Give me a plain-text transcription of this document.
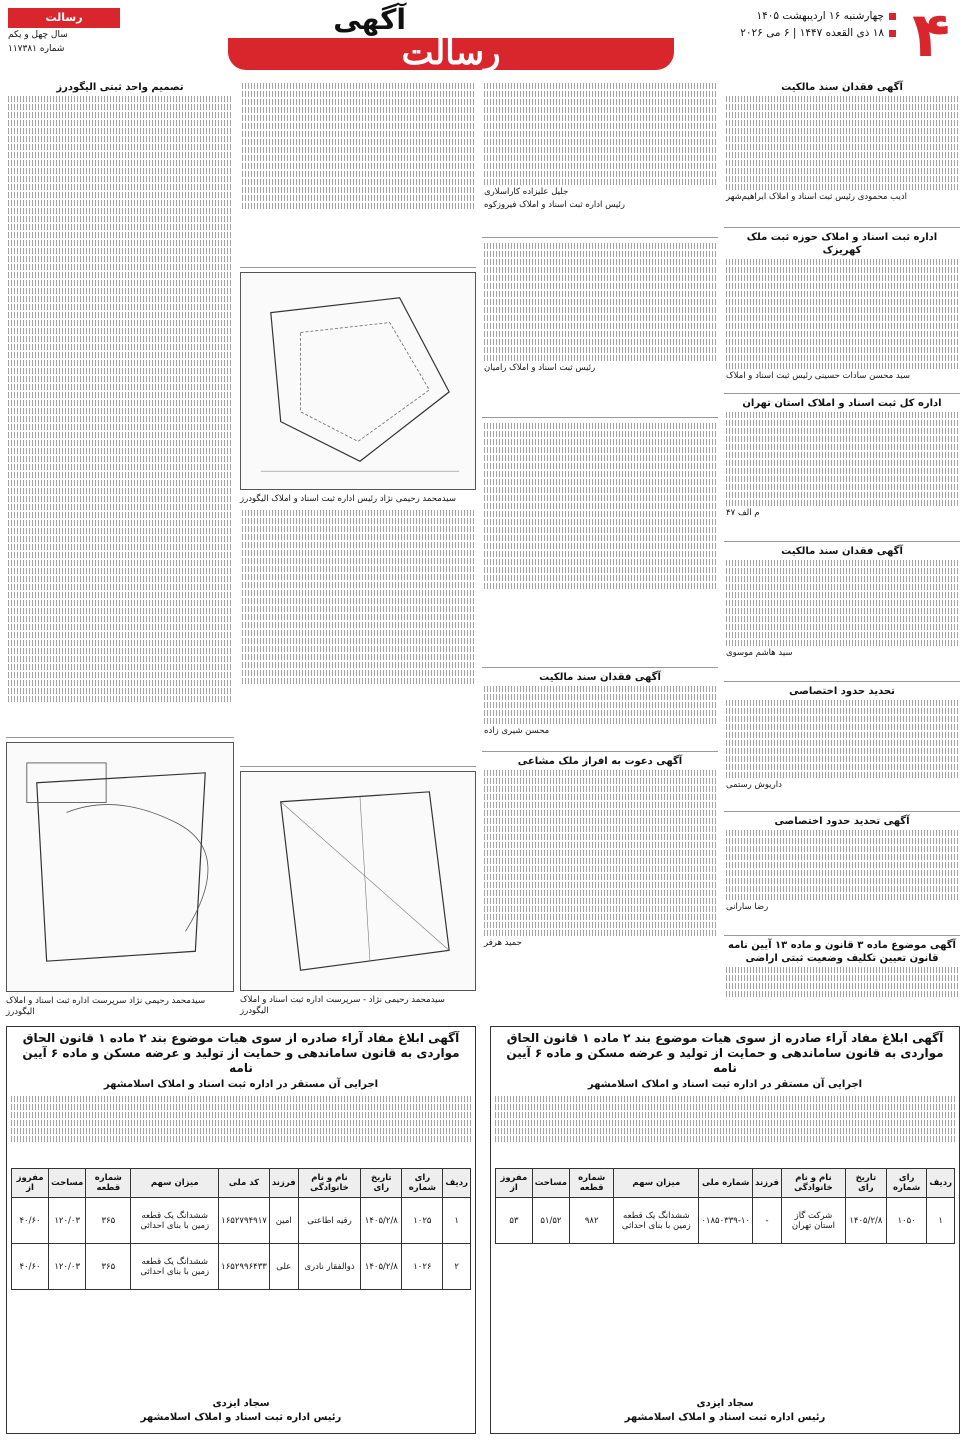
۴
چهارشنبه ۱۶ اردیبهشت ۱۴۰۵
۱۸ ذی القعده ۱۴۴۷ | ۶ می ۲۰۲۶
آگهی
رسالت
رسالت
سال چهل و یکم
شماره ۱۱۷۳۸۱
آگهی فقدان سند مالکیت
ادیب محمودی رئیس ثبت اسناد و املاک ابراهیم‌شهر
اداره ثبت اسناد و املاک حوزه ثبت ملک کهریزک
سید محسن سادات حسینی رئیس ثبت اسناد و املاک
اداره کل ثبت اسناد و املاک استان تهران
م الف ۴۷
آگهی فقدان سند مالکیت
سید هاشم موسوی
تحدید حدود اختصاصی
داریوش رستمی
آگهی تحدید حدود اختصاصی
رضا سارانی
آگهی موضوع ماده ۳ قانون و ماده ۱۳ آیین نامه قانون تعیین تکلیف وضعیت ثبتی اراضی
جلیل علیزاده کاراسلاری
رئیس اداره ثبت اسناد و املاک فیروزکوه
رئیس ثبت اسناد و املاک رامیان
آگهی فقدان سند مالکیت
محسن شیری زاده
آگهی دعوت به افراز ملک مشاعی
حمید هرفر
سیدمحمد رحیمی نژاد رئیس اداره ثبت اسناد و املاک الیگودرز
سیدمحمد رحیمی نژاد - سرپرست اداره ثبت اسناد و املاک الیگودرز
تصمیم واحد ثبتی الیگودرز
سیدمحمد رحیمی نژاد سرپرست اداره ثبت اسناد و املاک الیگودرز
آگهی ابلاغ مفاد آراء صادره از سوی هیات موضوع بند ۲ ماده ۱ قانون الحاق مواردی به قانون ساماندهی و حمایت از تولید و عرضه مسکن و ماده ۶ آیین نامه
اجرایی آن مستقر در اداره ثبت اسناد و املاک اسلامشهر

ردیف	رای شماره	تاریخ رای	نام و نام خانوادگی	فرزند	شماره ملی	میزان سهم	شماره قطعه	مساحت	مفروز از
۱	۱۰۵۰	۱۴۰۵/۲/۸	شرکت گاز استان تهران	-	۰۱۸۵۰۳۳۹-۱۰	ششدانگ یک قطعه زمین با بنای احداثی	۹۸۲	۵۱/۵۲	۵۳
سجاد ایزدی
رئیس اداره ثبت اسناد و املاک اسلامشهر
آگهی ابلاغ مفاد آراء صادره از سوی هیات موضوع بند ۲ ماده ۱ قانون الحاق مواردی به قانون ساماندهی و حمایت از تولید و عرضه مسکن و ماده ۶ آیین نامه
اجرایی آن مستقر در اداره ثبت اسناد و املاک اسلامشهر

ردیف	رای شماره	تاریخ رای	نام و نام خانوادگی	فرزند	کد ملی	میزان سهم	شماره قطعه	مساحت	مفروز از
۱	۱۰۲۵	۱۴۰۵/۲/۸	رقیه اطاعتی	امین	۱۶۵۲۷۹۴۹۱۷	ششدانگ یک قطعه زمین با بنای احداثی	۳۶۵	۱۲۰/۰۳	۴۰/۶۰
۲	۱۰۲۶	۱۴۰۵/۲/۸	ذوالفقار نادری	علی	۱۶۵۲۹۹۶۴۳۳	ششدانگ یک قطعه زمین با بنای احداثی	۳۶۵	۱۲۰/۰۳	۴۰/۶۰
سجاد ایزدی
رئیس اداره ثبت اسناد و املاک اسلامشهر
